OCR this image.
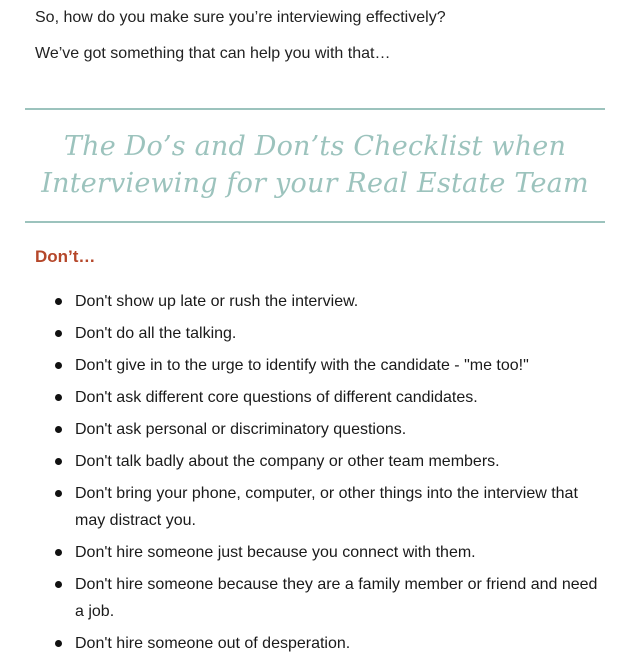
So, how do you make sure you’re interviewing effectively?

We’ve got something that can help you with that…

The Do’s and Don’ts Checklist when
Interviewing for your Real Estate Team
Don’t…
Don't show up late or rush the interview.
Don't do all the talking.
Don't give in to the urge to identify with the candidate - "me too!"
Don't ask different core questions of different candidates.
Don't ask personal or discriminatory questions.
Don't talk badly about the company or other team members.
Don't bring your phone, computer, or other things into the interview that may distract you.
Don't hire someone just because you connect with them.
Don't hire someone because they are a family member or friend and need a job.
Don't hire someone out of desperation.
